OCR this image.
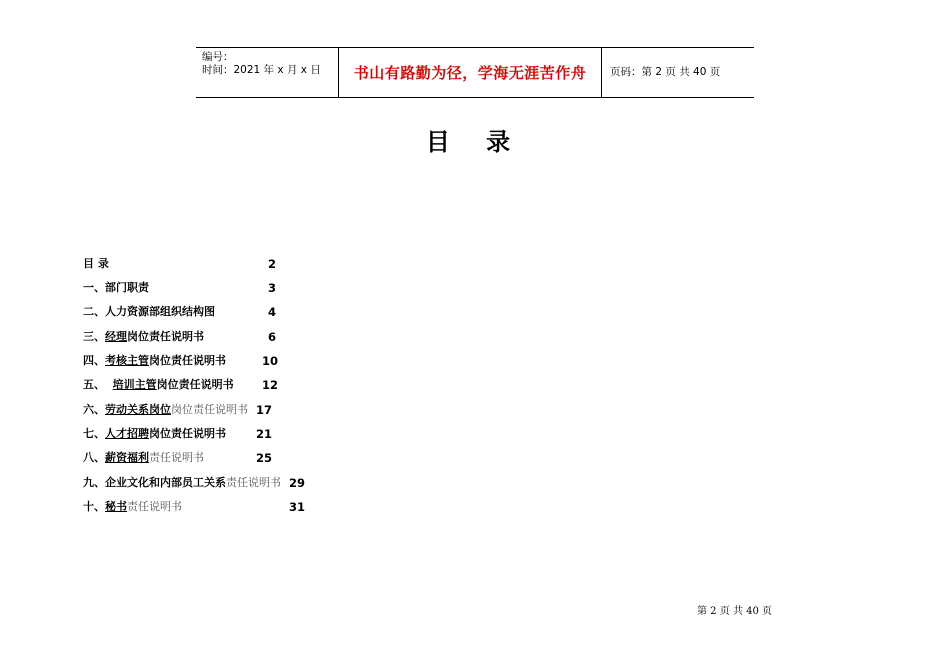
编号：
时间：2021 年 x 月 x 日 书山有路勤为径，学海无涯苦作舟 页码：第 2 页 共 40 页
目 录
目 录	2
一、部门职责	3
二、人力资源部组织结构图	4
三、经理岗位责任说明书	6
四、考核主管岗位责任说明书	10
五、  培训主管岗位责任说明书 12
六、劳动关系岗位岗位责任说明书 17
七、人才招聘岗位责任说明书	21
八、薪资福利责任说明书	25
九、企业文化和内部员工关系责任说明书 29
十、秘书责任说明书	31
第 2 页 共 40 页
